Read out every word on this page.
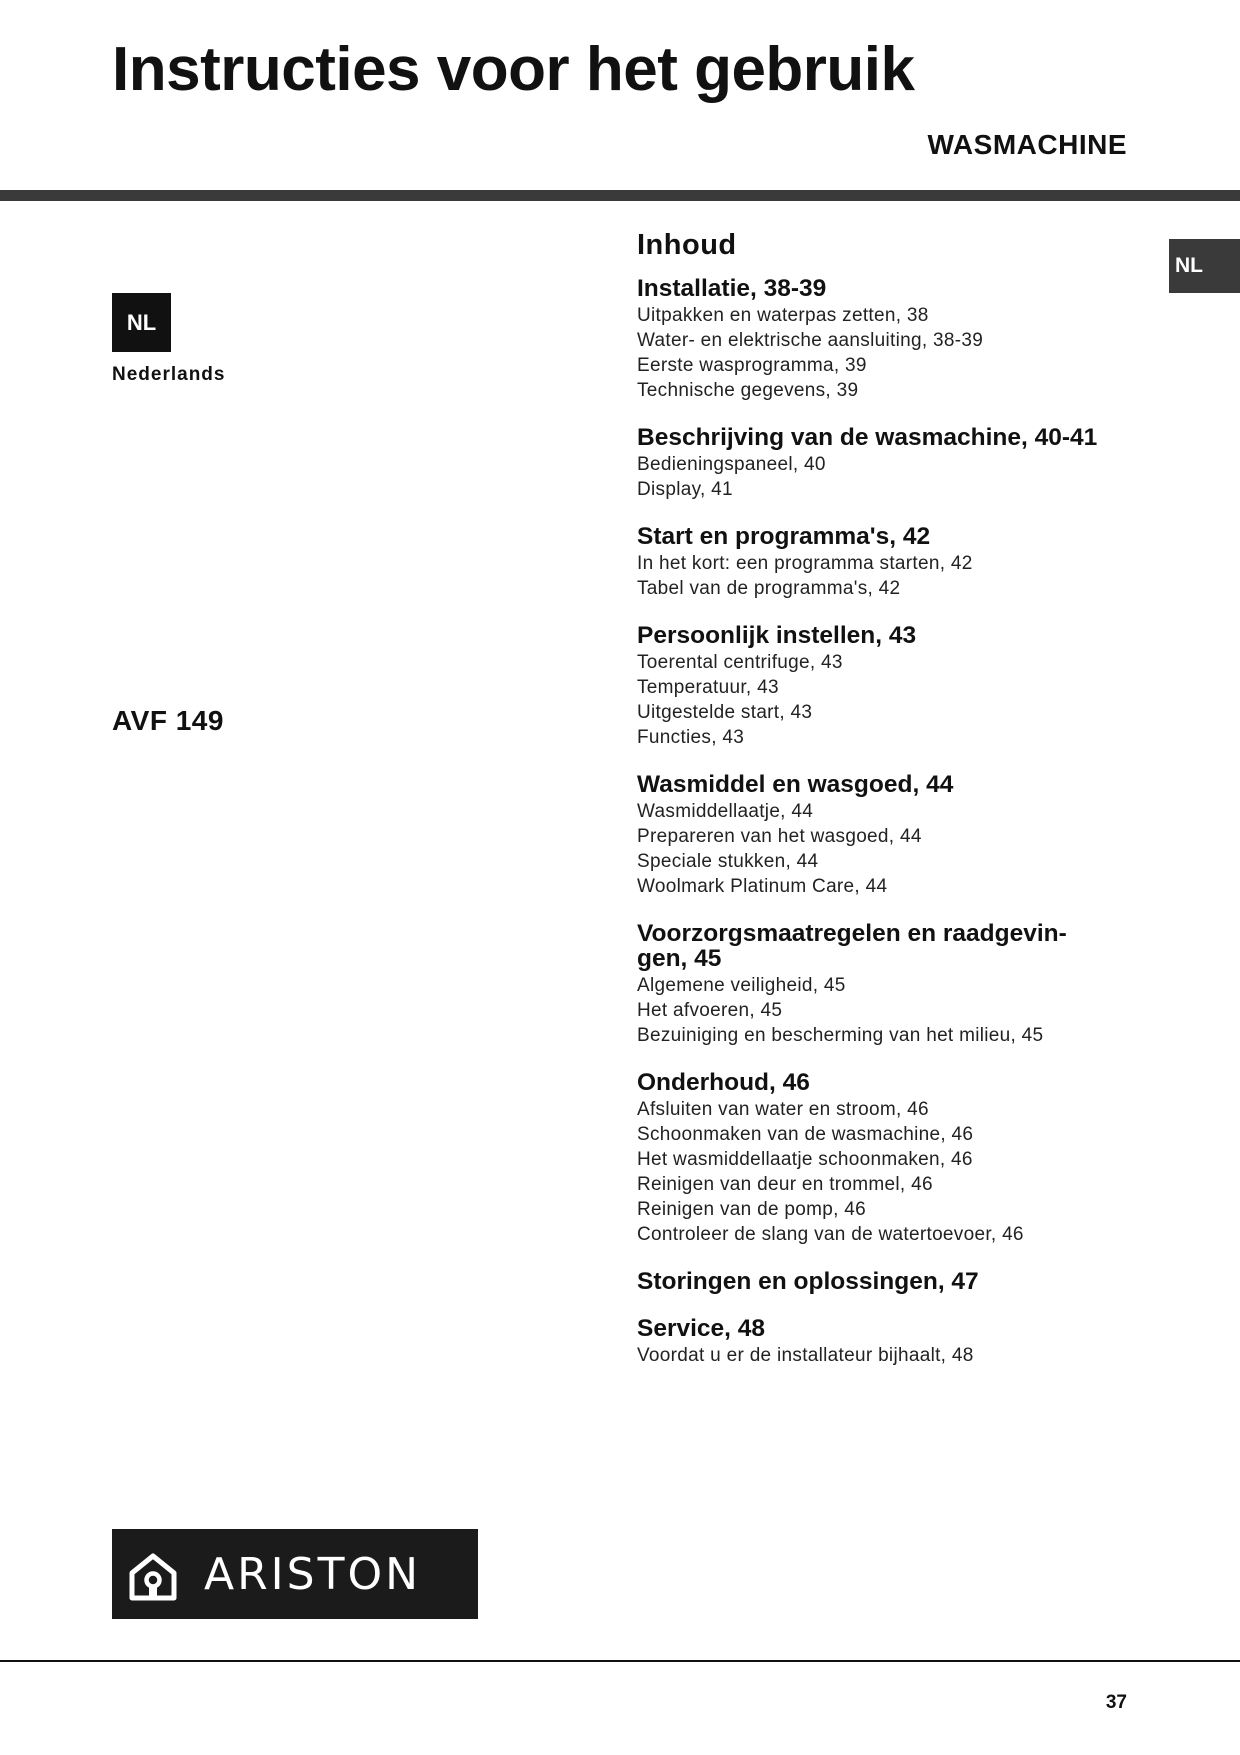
Instructies voor het gebruik
WASMACHINE
NL
Nederlands
NL
AVF 149
Inhoud
Installatie, 38-39
Uitpakken en waterpas zetten, 38
Water- en elektrische aansluiting, 38-39
Eerste wasprogramma, 39
Technische gegevens, 39
Beschrijving van de wasmachine, 40-41
Bedieningspaneel, 40
Display, 41
Start en programma's, 42
In het kort: een programma starten, 42
Tabel van de programma's, 42
Persoonlijk instellen, 43
Toerental centrifuge, 43
Temperatuur, 43
Uitgestelde start, 43
Functies, 43
Wasmiddel en wasgoed, 44
Wasmiddellaatje, 44
Prepareren van het wasgoed, 44
Speciale stukken, 44
Woolmark Platinum Care, 44
Voorzorgsmaatregelen en raadgevin-
gen, 45
Algemene veiligheid, 45
Het afvoeren, 45
Bezuiniging en bescherming van het milieu, 45
Onderhoud, 46
Afsluiten van water en stroom, 46
Schoonmaken van de wasmachine, 46
Het wasmiddellaatje schoonmaken, 46
Reinigen van deur en trommel, 46
Reinigen van de pomp, 46
Controleer de slang van de watertoevoer, 46
Storingen en oplossingen, 47
Service, 48
Voordat u er de installateur bijhaalt, 48
ARISTON
37
